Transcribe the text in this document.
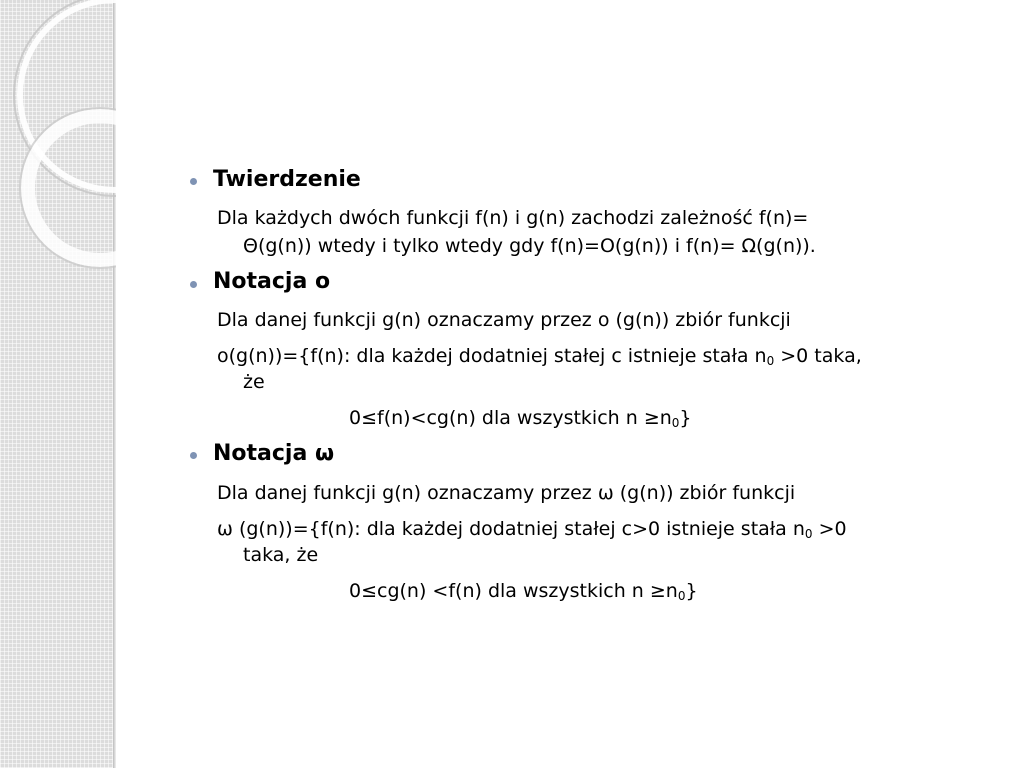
Twierdzenie
Dla każdych dwóch funkcji f(n) i g(n) zachodzi zależność f(n)=
Θ(g(n)) wtedy i tylko wtedy gdy f(n)=O(g(n)) i f(n)= Ω(g(n)).
Notacja o
Dla danej funkcji g(n) oznaczamy przez o (g(n)) zbiór funkcji
o(g(n))={f(n): dla każdej dodatniej stałej c istnieje stała $n_0 >0$ taka,
że
0≤f(n)<cg(n) dla wszystkich $n \ge n_0$}
Notacja ω
Dla danej funkcji g(n) oznaczamy przez ω (g(n)) zbiór funkcji
ω (g(n))={f(n): dla każdej dodatniej stałej c>0 istnieje stała $n_0 >0$
taka, że
0≤cg(n) <f(n) dla wszystkich $n \ge n_0$}
